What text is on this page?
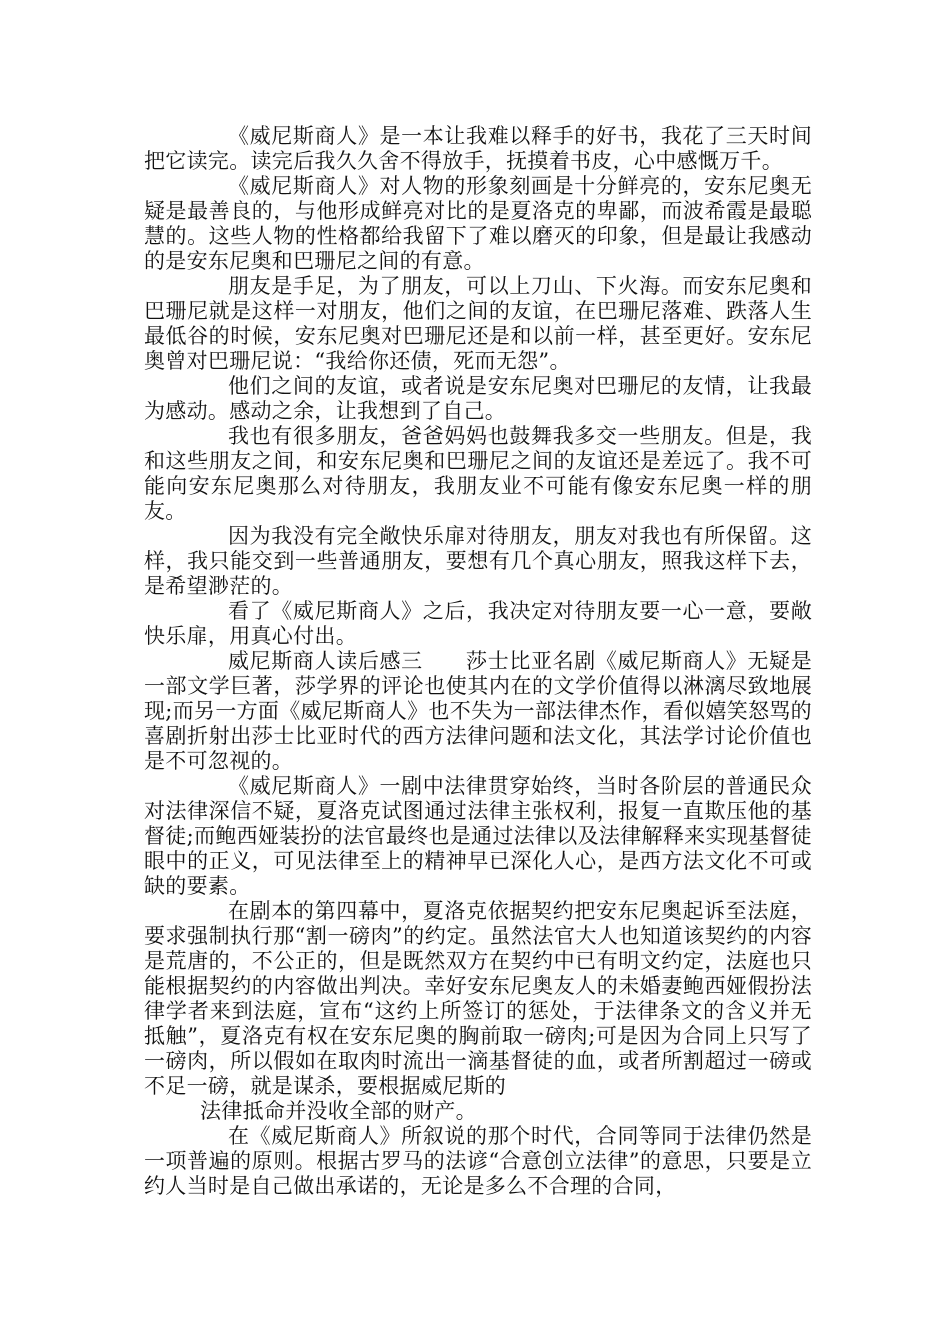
《威尼斯商人》是一本让我难以释手的好书，我花了三天时间把它读完。读完后我久久舍不得放手，抚摸着书皮，心中感慨万千。

《威尼斯商人》对人物的形象刻画是十分鲜亮的，安东尼奥无疑是最善良的，与他形成鲜亮对比的是夏洛克的卑鄙，而波希霞是最聪慧的。这些人物的性格都给我留下了难以磨灭的印象，但是最让我感动的是安东尼奥和巴珊尼之间的有意。

朋友是手足，为了朋友，可以上刀山、下火海。而安东尼奥和巴珊尼就是这样一对朋友，他们之间的友谊，在巴珊尼落难、跌落人生最低谷的时候，安东尼奥对巴珊尼还是和以前一样，甚至更好。安东尼奥曾对巴珊尼说：“我给你还债，死而无怨”。

他们之间的友谊，或者说是安东尼奥对巴珊尼的友情，让我最为感动。感动之余，让我想到了自己。

我也有很多朋友，爸爸妈妈也鼓舞我多交一些朋友。但是，我和这些朋友之间，和安东尼奥和巴珊尼之间的友谊还是差远了。我不可能向安东尼奥那么对待朋友，我朋友业不可能有像安东尼奥一样的朋友。

因为我没有完全敞快乐扉对待朋友，朋友对我也有所保留。这样，我只能交到一些普通朋友，要想有几个真心朋友，照我这样下去，是希望渺茫的。

看了《威尼斯商人》之后，我决定对待朋友要一心一意，要敞快乐扉，用真心付出。

威尼斯商人读后感三　　莎士比亚名剧《威尼斯商人》无疑是一部文学巨著，莎学界的评论也使其内在的文学价值得以淋漓尽致地展现;而另一方面《威尼斯商人》也不失为一部法律杰作，看似嬉笑怒骂的喜剧折射出莎士比亚时代的西方法律问题和法文化，其法学讨论价值也是不可忽视的。

《威尼斯商人》一剧中法律贯穿始终，当时各阶层的普通民众对法律深信不疑，夏洛克试图通过法律主张权利，报复一直欺压他的基督徒;而鲍西娅装扮的法官最终也是通过法律以及法律解释来实现基督徒眼中的正义，可见法律至上的精神早已深化人心，是西方法文化不可或缺的要素。

在剧本的第四幕中，夏洛克依据契约把安东尼奥起诉至法庭，要求强制执行那“割一磅肉”的约定。虽然法官大人也知道该契约的内容是荒唐的，不公正的，但是既然双方在契约中已有明文约定，法庭也只能根据契约的内容做出判决。幸好安东尼奥友人的未婚妻鲍西娅假扮法律学者来到法庭，宣布“这约上所签订的惩处，于法律条文的含义并无抵触”，夏洛克有权在安东尼奥的胸前取一磅肉;可是因为合同上只写了一磅肉，所以假如在取肉时流出一滴基督徒的血，或者所割超过一磅或不足一磅，就是谋杀，要根据威尼斯的

法律抵命并没收全部的财产。

在《威尼斯商人》所叙说的那个时代，合同等同于法律仍然是一项普遍的原则。根据古罗马的法谚“合意创立法律”的意思，只要是立约人当时是自己做出承诺的，无论是多么不合理的合同，
